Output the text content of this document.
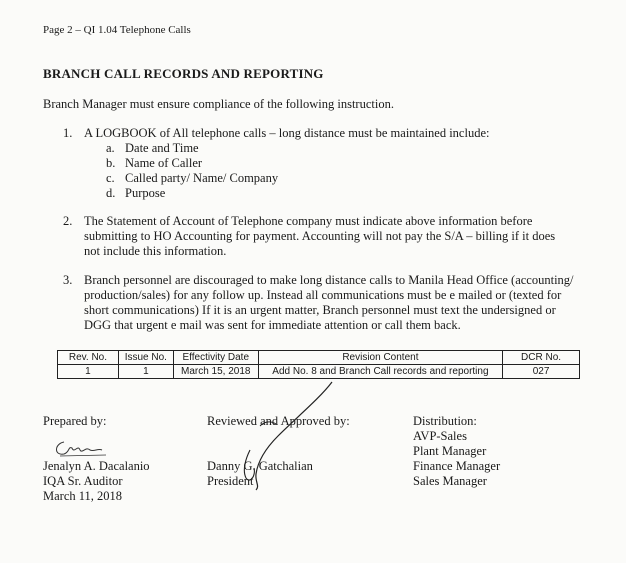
Page 2 – QI 1.04 Telephone Calls
BRANCH CALL RECORDS AND REPORTING
Branch Manager must ensure compliance of the following instruction.
1. A LOGBOOK of All telephone calls – long distance must be maintained include:
a. Date and Time
b. Name of Caller
c. Called party/ Name/ Company
d. Purpose
2. The Statement of Account of Telephone company must indicate above information before
submitting to HO Accounting for payment. Accounting will not pay the S/A – billing if it does
not include this information.
3. Branch personnel are discouraged to make long distance calls to Manila Head Office (accounting/
production/sales) for any follow up. Instead all communications must be e mailed or (texted for
short communications) If it is an urgent matter, Branch personnel must text the undersigned or
DGG that urgent e mail was sent for immediate attention or call them back.
Rev. No.	Issue No.	Effectivity Date	Revision Content	DCR No.
1	1	March 15, 2018	Add No. 8 and Branch Call records and reporting	027
Prepared by:
Jenalyn A. Dacalanio
IQA Sr. Auditor
March 11, 2018
Reviewed and Approved by:
Danny G. Gatchalian
President
Distribution:
AVP-Sales
Plant Manager
Finance Manager
Sales Manager
